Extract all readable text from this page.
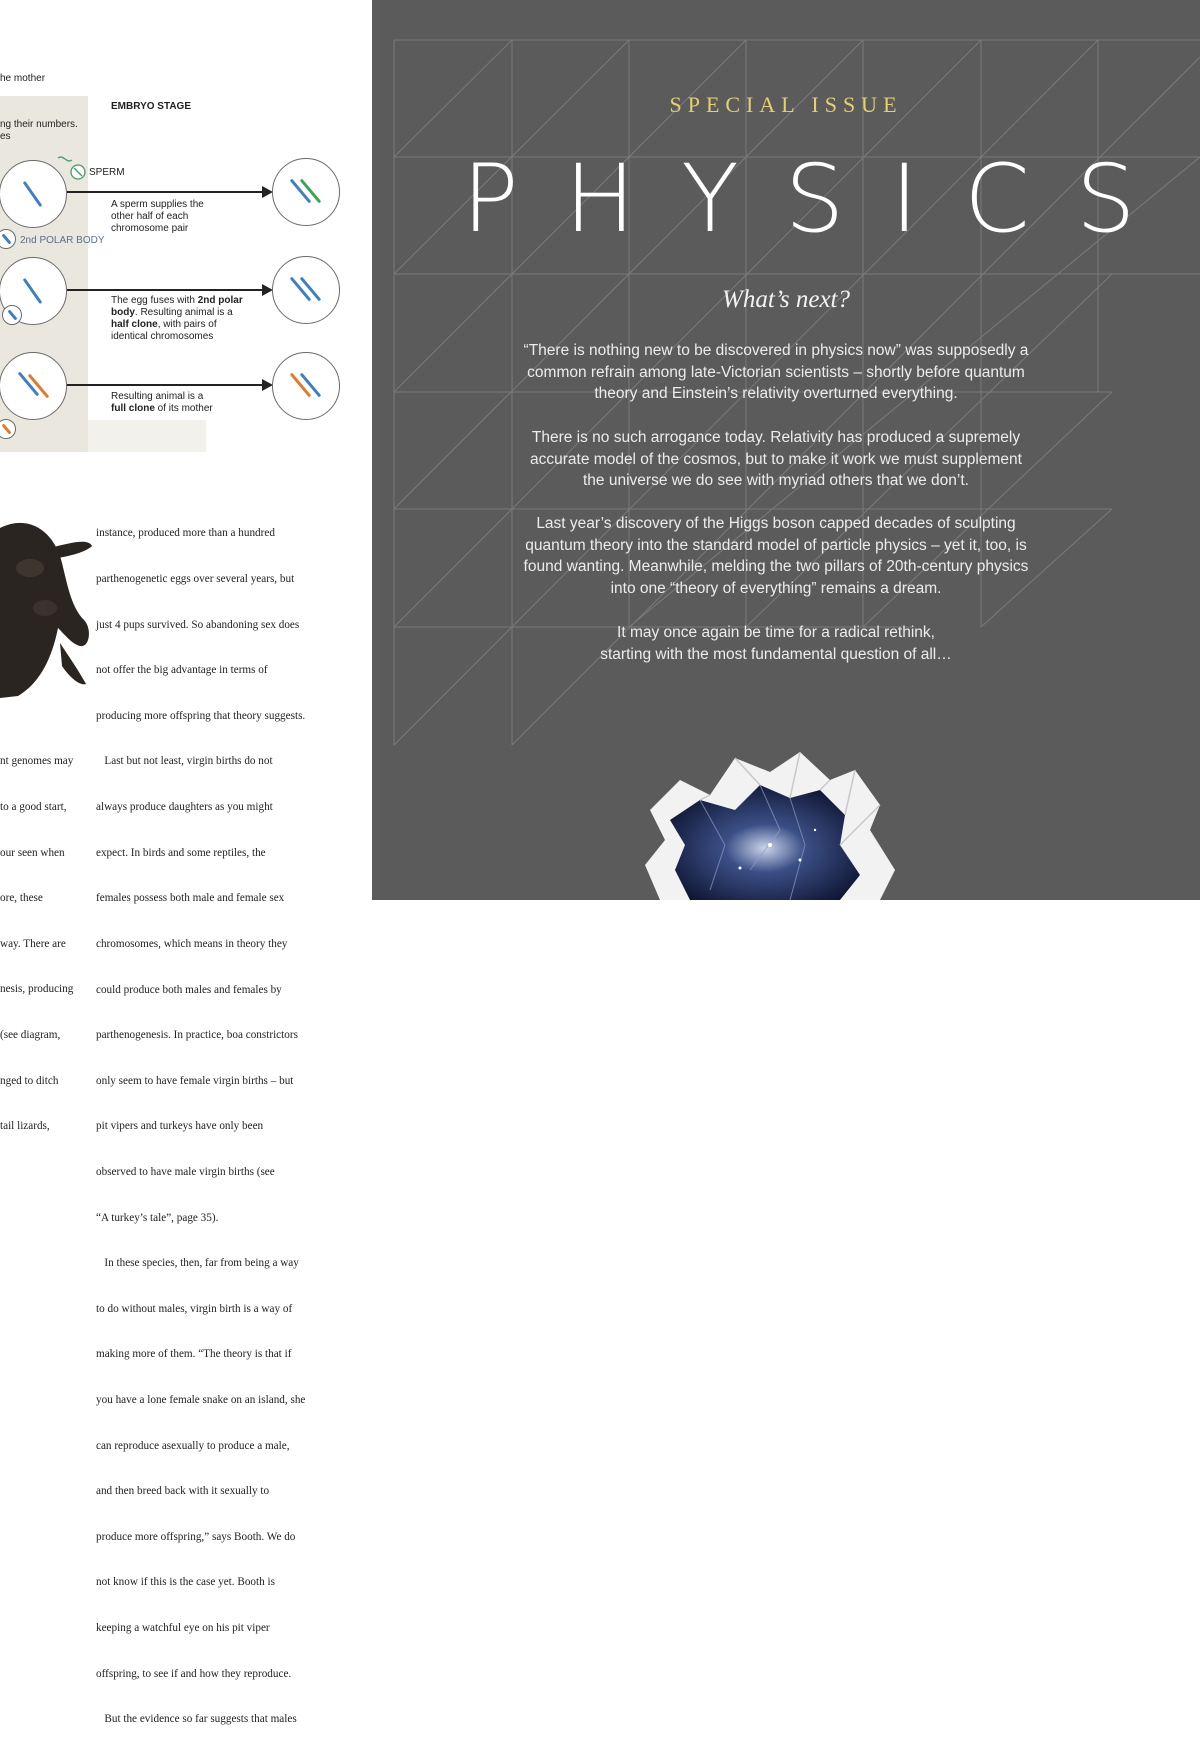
he mother
EMBRYO STAGE
ng their numbers.
es
SPERM
A sperm supplies the
other half of each
chromosome pair
2nd POLAR BODY
The egg fuses with 2nd polar
body. Resulting animal is a
half clone, with pairs of
identical chromosomes
Resulting animal is a
full clone of its mother

instance, produced more than a hundred

parthenogenetic eggs over several years, but

just 4 pups survived. So abandoning sex does

not offer the big advantage in terms of

producing more offspring that theory suggests.

Last but not least, virgin births do not

always produce daughters as you might

expect. In birds and some reptiles, the

females possess both male and female sex

chromosomes, which means in theory they

could produce both males and females by

parthenogenesis. In practice, boa constrictors

only seem to have female virgin births – but

pit vipers and turkeys have only been

observed to have male virgin births (see

“A turkey’s tale”, page 35).

In these species, then, far from being a way

to do without males, virgin birth is a way of

making more of them. “The theory is that if

you have a lone female snake on an island, she

can reproduce asexually to produce a male,

and then breed back with it sexually to

produce more offspring,” says Booth. We do

not know if this is the case yet. Booth is

keeping a watchful eye on his pit viper

offspring, to see if and how they reproduce.

But the evidence so far suggests that males

nt genomes may

to a good start,

our seen when

ore, these

way. There are

nesis, producing

(see diagram,

nged to ditch

tail lizards,

SPECIAL ISSUE
PHYSICS
What’s next?
“There is nothing new to be discovered in physics now” was supposedly a
common refrain among late-Victorian scientists – shortly before quantum
theory and Einstein’s relativity overturned everything.
There is no such arrogance today. Relativity has produced a supremely
accurate model of the cosmos, but to make it work we must supplement
the universe we do see with myriad others that we don’t.
Last year’s discovery of the Higgs boson capped decades of sculpting
quantum theory into the standard model of particle physics – yet it, too, is
found wanting. Meanwhile, melding the two pillars of 20th-century physics
into one “theory of everything” remains a dream.
It may once again be time for a radical rethink,
starting with the most fundamental question of all…
